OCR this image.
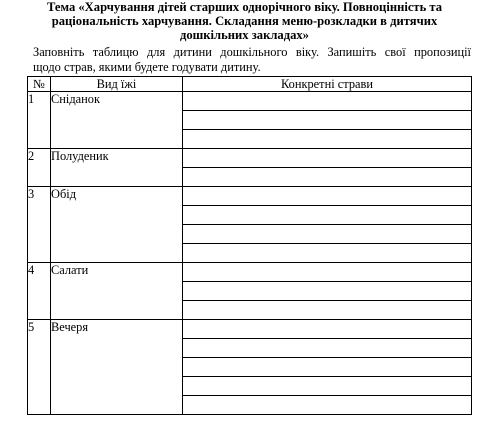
Тема «Харчування дітей старших однорічного віку. Повноцінність та
раціональність харчування. Складання меню-розкладки в дитячих
дошкільних закладах»
Заповніть таблицю для дитини дошкільного віку. Запишіть свої пропозиції
щодо страв, якими будете годувати дитину.
№	Вид їжі	Конкретні страви
1	Сніданок	

2	Полуденик	

3	Обід	

4	Салати	

5	Вечеря	
